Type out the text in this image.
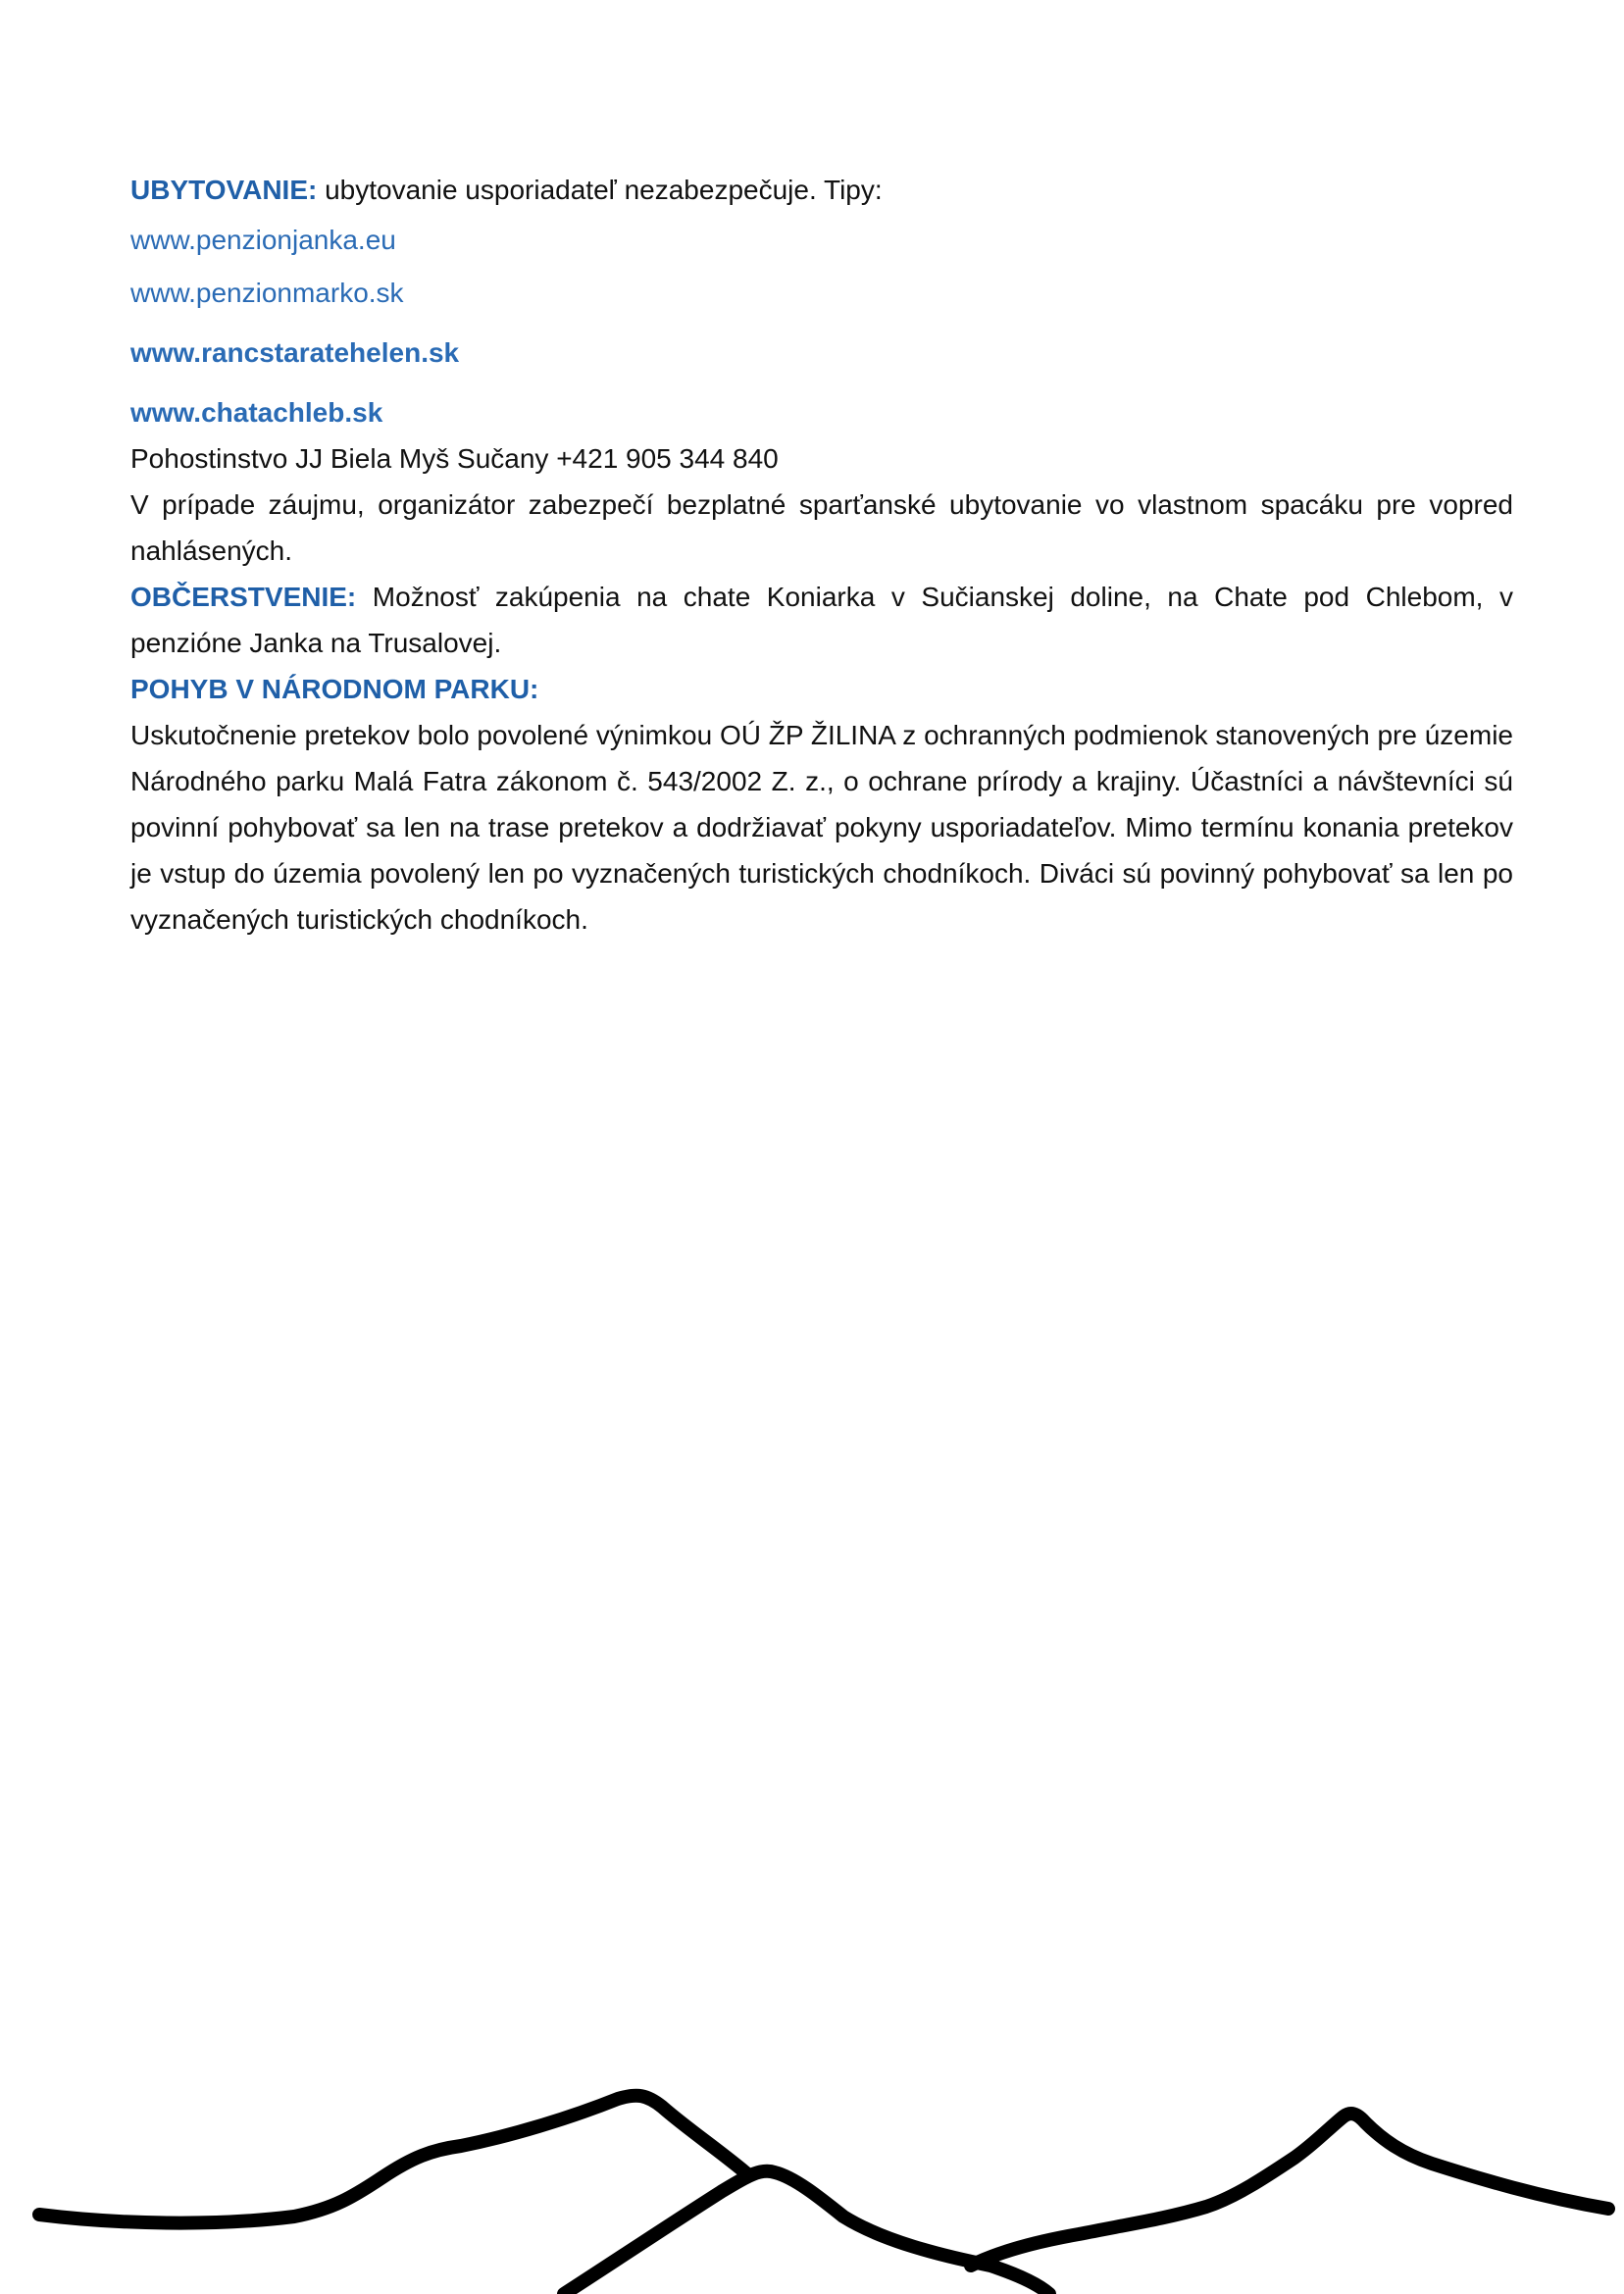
UBYTOVANIE: ubytovanie usporiadateľ nezabezpečuje. Tipy:
www.penzionjanka.eu
www.penzionmarko.sk
www.rancstaratehelen.sk
www.chatachleb.sk
Pohostinstvo JJ Biela Myš Sučany +421 905 344 840
V prípade záujmu, organizátor zabezpečí bezplatné sparťanské ubytovanie vo vlastnom spacáku pre vopred nahlásených.
OBČERSTVENIE: Možnosť zakúpenia na chate Koniarka v Sučianskej doline, na Chate pod Chlebom, v penzióne Janka na Trusalovej.
POHYB V NÁRODNOM PARKU:
Uskutočnenie pretekov bolo povolené výnimkou OÚ ŽP ŽILINA z ochranných podmienok stanovených pre územie Národného parku Malá Fatra zákonom č. 543/2002 Z. z., o ochrane prírody a krajiny. Účastníci a návštevníci sú povinní pohybovať sa len na trase pretekov a dodržiavať pokyny usporiadateľov. Mimo termínu konania pretekov je vstup do územia povolený len po vyznačených turistických chodníkoch. Diváci sú povinný pohybovať sa len po vyznačených turistických chodníkoch.
